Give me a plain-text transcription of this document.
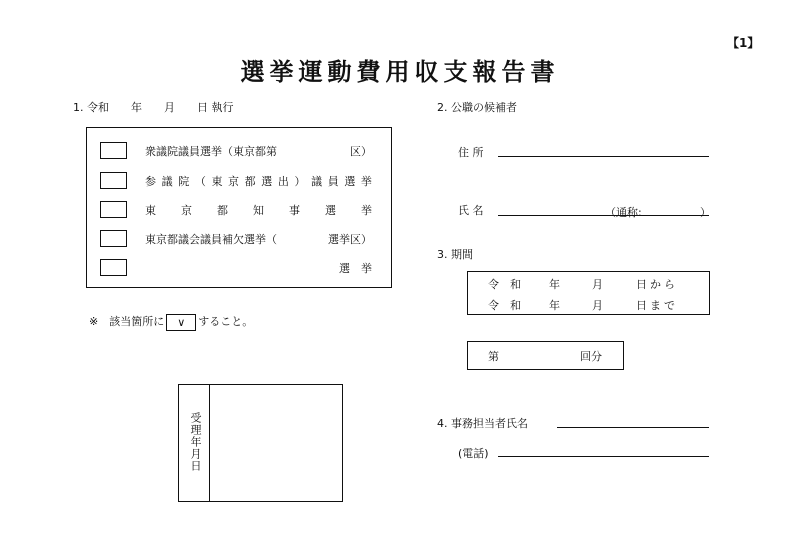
【1】
選挙運動費用収支報告書
1. 令和　　年　　月　　日 執行
衆議院議員選挙（東京都第	区）
参 議 院 （ 東 京 都 選 出 ） 議 員 選 挙
東 京 都 知 事 選 挙
東京都議会議員補欠選挙（	選挙区）
選　挙
※　該当箇所に ∨ すること。
受理年月日
2. 公職の候補者
住 所
氏 名	（通称:	）
3. 期間
令　和	年	月	日から
令　和	年	月	日まで
第	回分
4. 事務担当者氏名
(電話)
